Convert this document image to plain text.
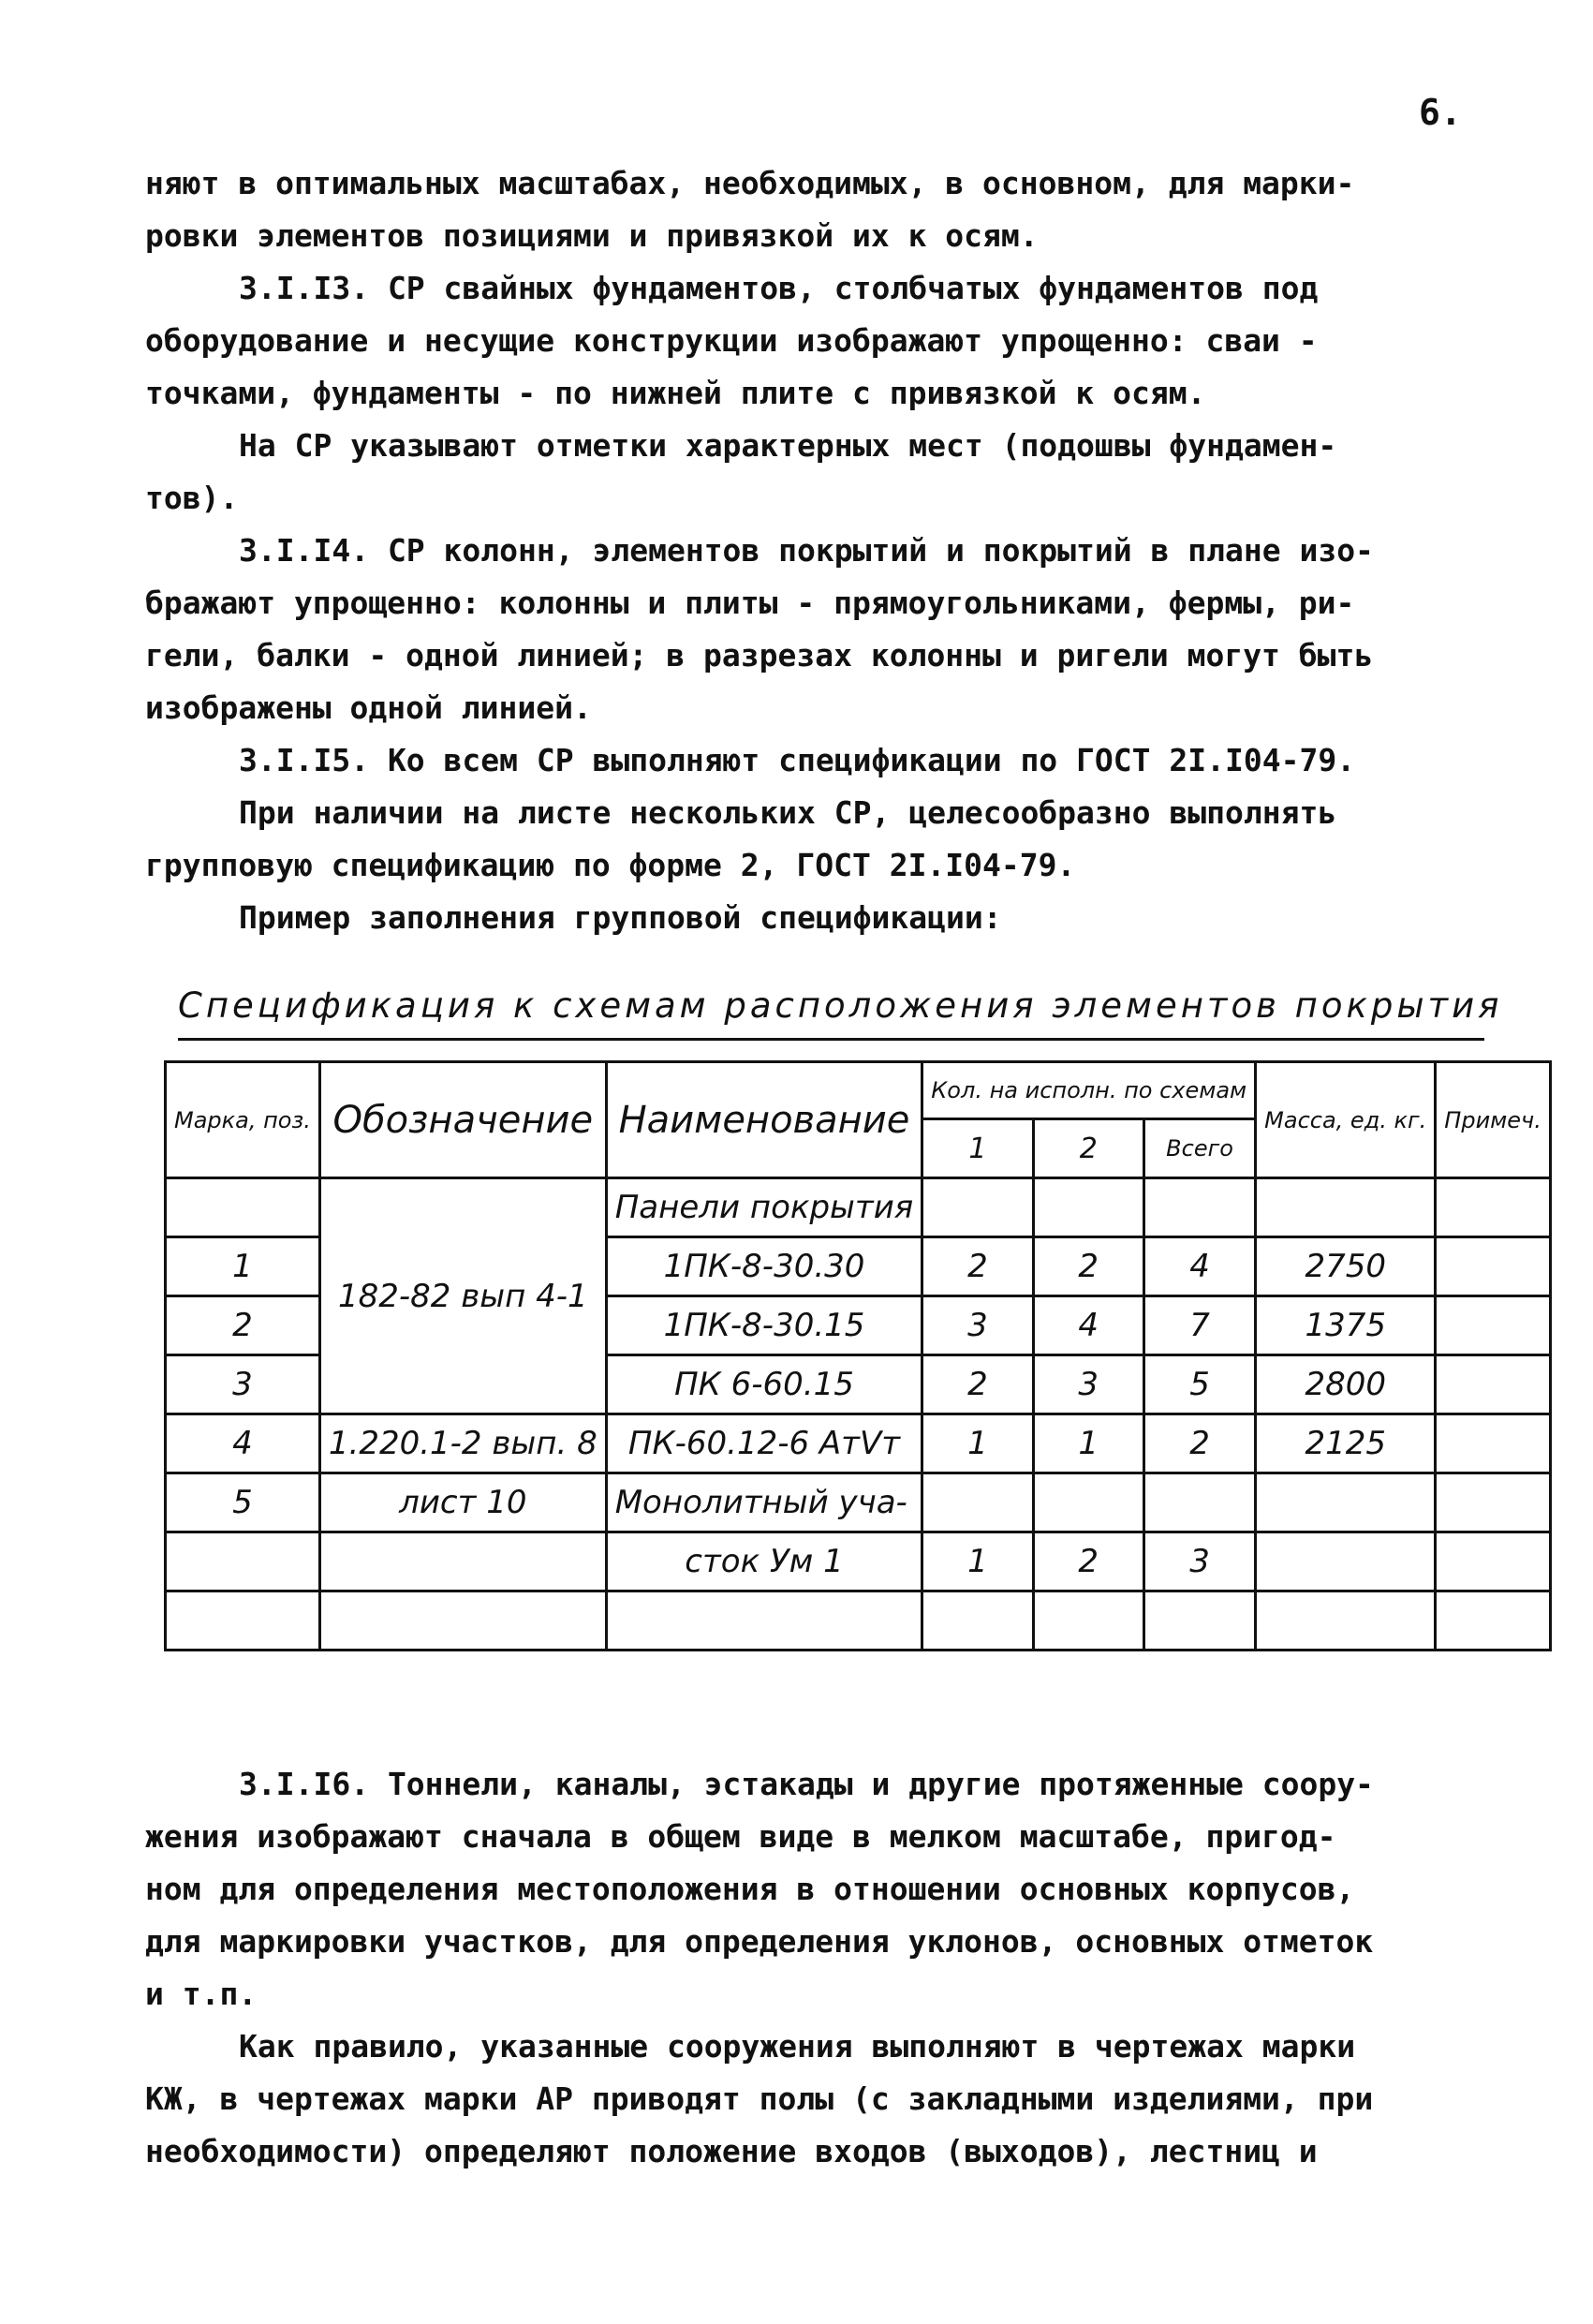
6.

няют в оптимальных масштабах, необходимых, в основном, для марки-

ровки элементов позициями и привязкой их к осям.

3.I.I3. СР свайных фундаментов, столбчатых фундаментов под

оборудование и несущие конструкции изображают упрощенно: сваи -

точками, фундаменты - по нижней плите с привязкой к осям.

На СР указывают отметки характерных мест (подошвы фундамен-

тов).

3.I.I4. СР колонн, элементов покрытий и покрытий в плане изо-

бражают упрощенно: колонны и плиты - прямоугольниками, фермы, ри-

гели, балки - одной линией; в разрезах колонны и ригели могут быть

изображены одной линией.

3.I.I5. Ко всем СР выполняют спецификации по ГОСТ 2I.I04-79.

При наличии на листе нескольких СР, целесообразно выполнять

групповую спецификацию по форме 2, ГОСТ 2I.I04-79.

Пример заполнения групповой спецификации:

Спецификация к схемам расположения элементов покрытия
Марка, поз.	Обозначение	Наименование	Кол. на исполн. по схемам			Масса, ед. кг.	Примеч.
			1	2	Всего		
	182-82 вып 4-1	Панели покрытия					
1		1ПК-8-30.30	2	2	4	2750	
2		1ПК-8-30.15	3	4	7	1375	
3		ПК 6-60.15	2	3	5	2800	
4	1.220.1-2 вып. 8	ПК-60.12-6 АтVт	1	1	2	2125	
5	лист 10	Монолитный уча-					
		сток Ум 1	1	2	3		

3.I.I6. Тоннели, каналы, эстакады и другие протяженные соору-

жения изображают сначала в общем виде в мелком масштабе, пригод-

ном для определения местоположения в отношении основных корпусов,

для маркировки участков, для определения уклонов, основных отметок

и т.п.

Как правило, указанные сооружения выполняют в чертежах марки

КЖ, в чертежах марки АР приводят полы (с закладными изделиями, при

необходимости) определяют положение входов (выходов), лестниц и
